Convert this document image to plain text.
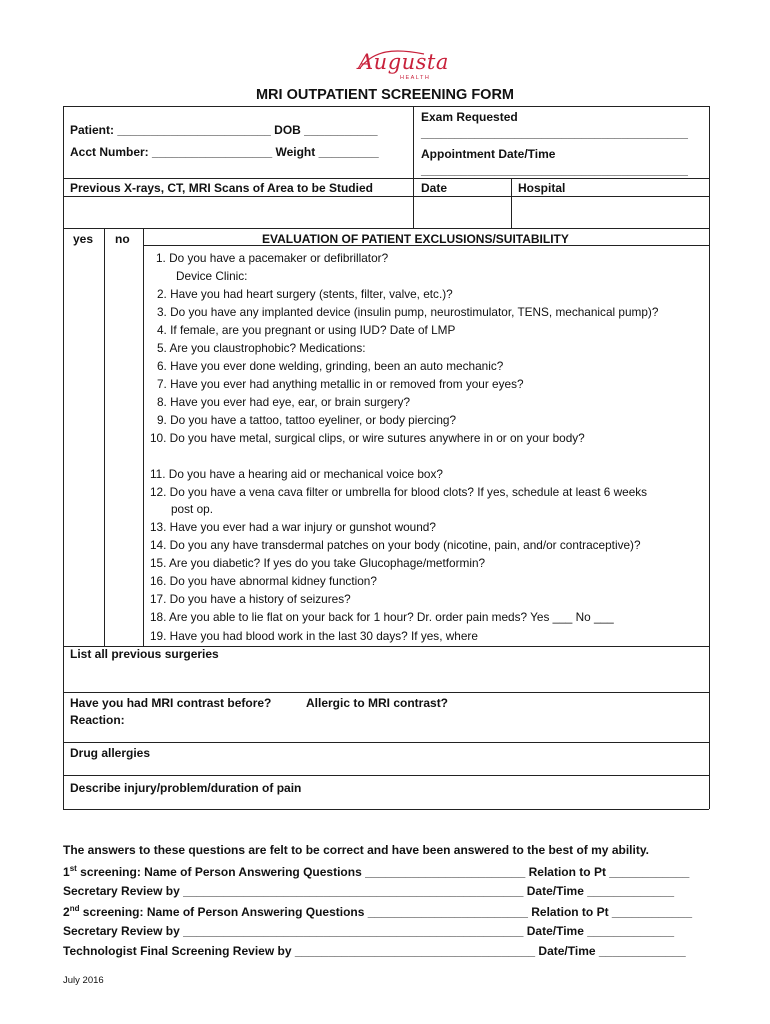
Augusta
HEALTH
MRI OUTPATIENT SCREENING FORM
Patient: _______________________ DOB ___________
Acct Number: __________________ Weight _________
Exam Requested
________________________________________
Appointment Date/Time
________________________________________
Previous X-rays, CT, MRI Scans of Area to be Studied	Date	Hospital
yes no	EVALUATION OF PATIENT EXCLUSIONS/SUITABILITY
1. Do you have a pacemaker or defibrillator?
Device Clinic:
2. Have you had heart surgery (stents, filter, valve, etc.)?
3. Do you have any implanted device (insulin pump, neurostimulator, TENS, mechanical pump)?
4. If female, are you pregnant or using IUD? Date of LMP
5. Are you claustrophobic? Medications:
6. Have you ever done welding, grinding, been an auto mechanic?
7. Have you ever had anything metallic in or removed from your eyes?
8. Have you ever had eye, ear, or brain surgery?
9. Do you have a tattoo, tattoo eyeliner, or body piercing?
10. Do you have metal, surgical clips, or wire sutures anywhere in or on your body?
11. Do you have a hearing aid or mechanical voice box?
12. Do you have a vena cava filter or umbrella for blood clots? If yes, schedule at least 6 weeks
post op.
13. Have you ever had a war injury or gunshot wound?
14. Do you any have transdermal patches on your body (nicotine, pain, and/or contraceptive)?
15. Are you diabetic? If yes do you take Glucophage/metformin?
16. Do you have abnormal kidney function?
17. Do you have a history of seizures?
18. Are you able to lie flat on your back for 1 hour? Dr. order pain meds? Yes ___ No ___
19. Have you had blood work in the last 30 days? If yes, where
List all previous surgeries
Have you had MRI contrast before?	Allergic to MRI contrast?
Reaction:
Drug allergies
Describe injury/problem/duration of pain
The answers to these questions are felt to be correct and have been answered to the best of my ability.
1st screening: Name of Person Answering Questions ________________________ Relation to Pt ____________
Secretary Review by ___________________________________________________ Date/Time _____________
2nd screening: Name of Person Answering Questions ________________________ Relation to Pt ____________
Secretary Review by ___________________________________________________ Date/Time _____________
Technologist Final Screening Review by ____________________________________ Date/Time _____________
July 2016
